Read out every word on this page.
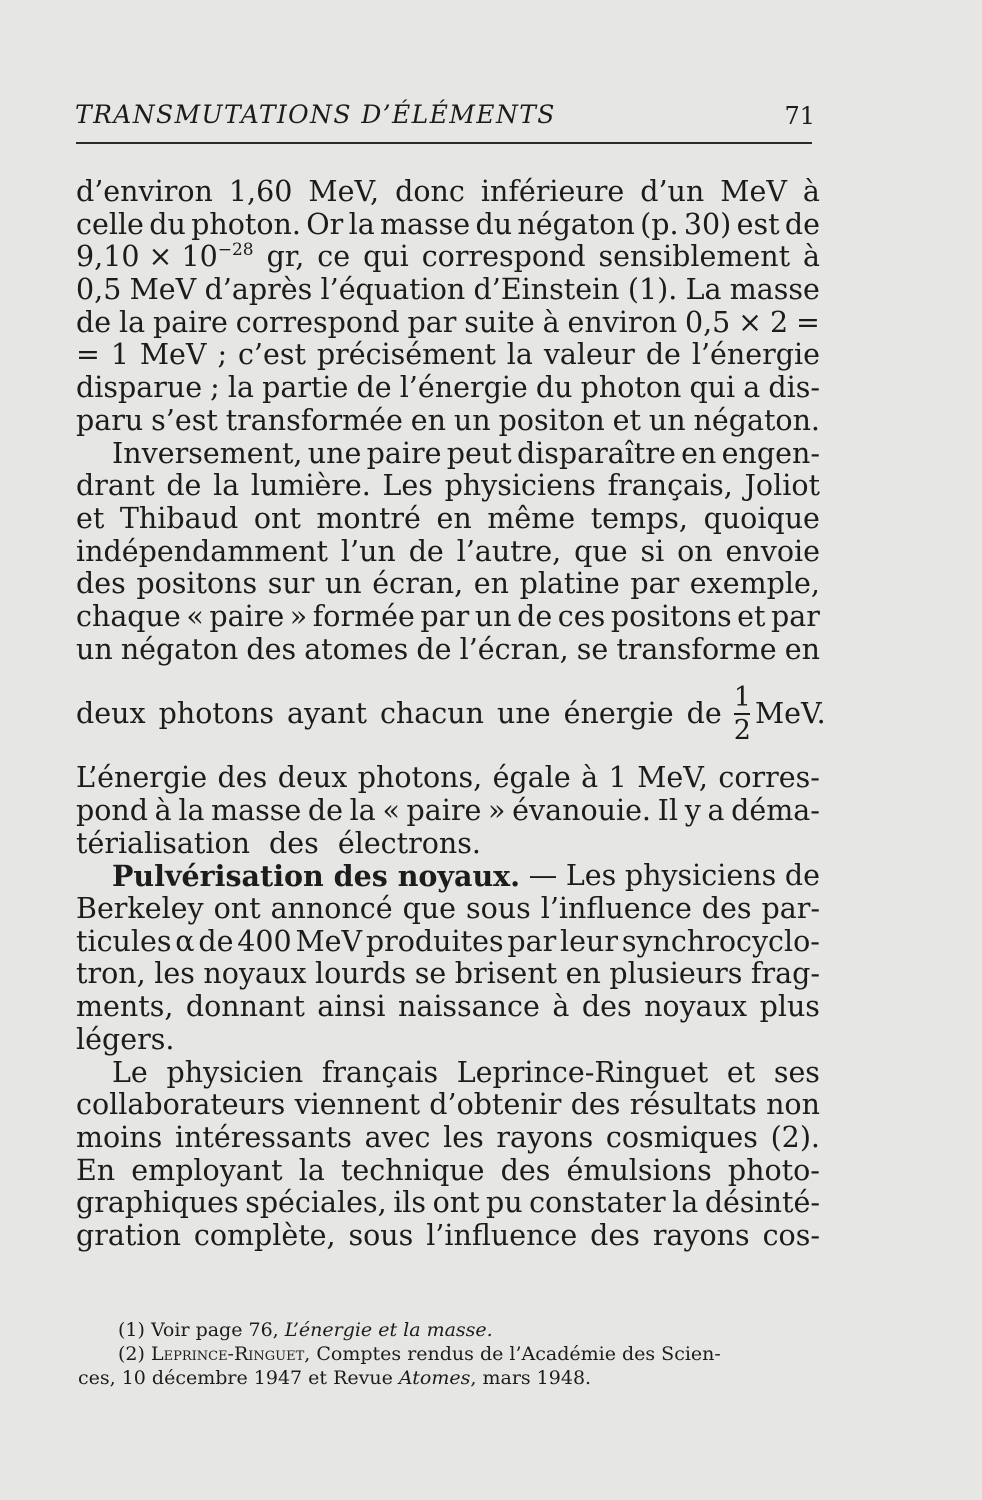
TRANSMUTATIONS D’ÉLÉMENTS	71
d’environ 1,60 MeV, donc inférieure d’un MeV à
celle du photon. Or la masse du négaton (p. 30) est de
$9,10 \times 10^{-28}$ gr, ce qui correspond sensiblement à
0,5 MeV d’après l’équation d’Einstein (1). La masse
de la paire correspond par suite à environ 0,5 × 2 =
= 1 MeV ; c’est précisément la valeur de l’énergie
disparue ; la partie de l’énergie du photon qui a dis-
paru s’est transformée en un positon et un négaton.
Inversement, une paire peut disparaître en engen-
drant de la lumière. Les physiciens français, Joliot
et Thibaud ont montré en même temps, quoique
indépendamment l’un de l’autre, que si on envoie
des positons sur un écran, en platine par exemple,
chaque « paire » formée par un de ces positons et par
un négaton des atomes de l’écran, se transforme en
deux photons ayant chacun une énergie de $\frac{1}{2}$ MeV.
L’énergie des deux photons, égale à 1 MeV, corres-
pond à la masse de la « paire » évanouie. Il y a déma-
térialisation des électrons.
Pulvérisation des noyaux. — Les physiciens de
Berkeley ont annoncé que sous l’influence des par-
ticules α de 400 MeV produites par leur synchrocyclo-
tron, les noyaux lourds se brisent en plusieurs frag-
ments, donnant ainsi naissance à des noyaux plus
légers.
Le physicien français Leprince-Ringuet et ses
collaborateurs viennent d’obtenir des résultats non
moins intéressants avec les rayons cosmiques (2).
En employant la technique des émulsions photo-
graphiques spéciales, ils ont pu constater la désinté-
gration complète, sous l’influence des rayons cos-
(1) Voir page 76, L’énergie et la masse.
(2) Leprince-Ringuet, Comptes rendus de l’Académie des Scien-
ces, 10 décembre 1947 et Revue Atomes, mars 1948.
